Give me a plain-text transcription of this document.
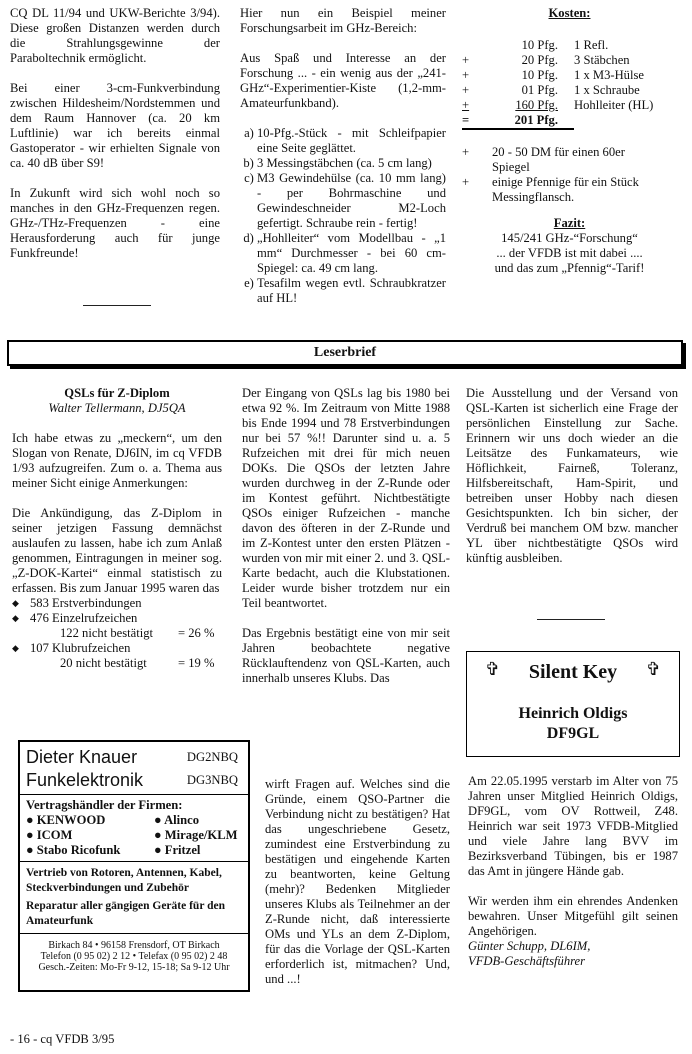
CQ DL 11/94 und UKW-Berichte 3/94). Diese großen Distanzen werden durch die Strahlungsgewinne der Paraboltechnik ermöglicht.

Bei einer 3-cm-Funkverbindung zwischen Hildesheim/Nordstemmen und dem Raum Hannover (ca. 20 km Luftlinie) war ich bereits einmal Gastoperator - wir erhielten Signale von ca. 40 dB über S9!

In Zukunft wird sich wohl noch so manches in den GHz-Frequenzen regen. GHz-/THz-Frequenzen - eine Herausforderung auch für junge Funkfreunde!

Hier nun ein Beispiel meiner Forschungsarbeit im GHz-Bereich:

Aus Spaß und Interesse an der Forschung ... - ein wenig aus der „241-GHz“-Experimentier-Kiste (1,2-mm-Amateurfunkband).

a. 10-Pfg.-Stück - mit Schleifpapier eine Seite geglättet.
b. 3 Messingstäbchen (ca. 5 cm lang)
c. M3 Gewindehülse (ca. 10 mm lang) - per Bohrmaschine und Gewindeschneider M2-Loch gefertigt. Schraube rein - fertig!
d. „Hohlleiter“ vom Modellbau - „1 mm“ Durchmesser - bei 60 cm-Spiegel: ca. 49 cm lang.
e. Tesafilm wegen evtl. Schraubkratzer auf HL!
Kosten:
	10 Pfg.	1 Refl.
+	20 Pfg.	3 Stäbchen
+	10 Pfg.	1 x M3-Hülse
+	01 Pfg.	1 x Schraube
+	160 Pfg.	Hohlleiter (HL)
=	201 Pfg.	
+	20 - 50 DM für einen 60er Spiegel
+	einige Pfennige für ein Stück Messingflansch.
Fazit:
145/241 GHz-“Forschung“
... der VFDB ist mit dabei ....
und das zum „Pfennig“-Tarif!
Leserbrief
QSLs für Z-Diplom
Walter Tellermann, DJ5QA

Ich habe etwas zu „meckern“, um den Slogan von Renate, DJ6IN, im cq VFDB 1/93 aufzugreifen. Zum o. a. Thema aus meiner Sicht einige Anmerkungen:

Die Ankündigung, das Z-Diplom in seiner jetzigen Fassung demnächst auslaufen zu lassen, habe ich zum Anlaß genommen, Eintragungen in meiner sog. „Z-DOK-Kartei“ einmal statistisch zu erfassen. Bis zum Januar 1995 waren das

◆ 583 Erstverbindungen
◆ 476 Einzelrufzeichen
122 nicht bestätigt = 26 %
◆ 107 Klubrufzeichen
20 nicht bestätigt = 19 %
Dieter Knauer	DG2NBQ
Funkelektronik	DG3NBQ
Vertragshändler der Firmen:
● KENWOOD	● Alinco
● ICOM	● Mirage/KLM
● Stabo Ricofunk	● Fritzel
Vertrieb von Rotoren, Antennen, Kabel, Steckverbindungen und Zubehör
Reparatur aller gängigen Geräte für den Amateurfunk
Birkach 84 • 96158 Frensdorf, OT Birkach
Telefon (0 95 02) 2 12 • Telefax (0 95 02) 2 48
Gesch.-Zeiten: Mo-Fr 9-12, 15-18; Sa 9-12 Uhr

Der Eingang von QSLs lag bis 1980 bei etwa 92 %. Im Zeitraum von Mitte 1988 bis Ende 1994 und 78 Erstverbindungen nur bei 57 %!! Darunter sind u. a. 5 Rufzeichen mit drei für mich neuen DOKs. Die QSOs der letzten Jahre wurden durchweg in der Z-Runde oder im Kontest geführt. Nichtbestätigte QSOs einiger Rufzeichen - manche davon des öfteren in der Z-Runde und im Z-Kontest unter den ersten Plätzen - wurden von mir mit einer 2. und 3. QSL-Karte bedacht, auch die Klubstationen. Leider wurde bisher trotzdem nur ein Teil beantwortet.

Das Ergebnis bestätigt eine von mir seit Jahren beobachtete negative Rücklauftendenz von QSL-Karten, auch innerhalb unseres Klubs. Das

wirft Fragen auf. Welches sind die Gründe, einem QSO-Partner die Verbindung nicht zu bestätigen? Hat das ungeschriebene Gesetz, zumindest eine Erstverbindung zu bestätigen und eingehende Karten zu beantworten, keine Geltung (mehr)? Bedenken Mitglieder unseres Klubs als Teilnehmer an der Z-Runde nicht, daß interessierte OMs und YLs an dem Z-Diplom, für das die Vorlage der QSL-Karten erforderlich ist, mitmachen? Und, und ...!

Die Ausstellung und der Versand von QSL-Karten ist sicherlich eine Frage der persönlichen Einstellung zur Sache. Erinnern wir uns doch wieder an die Leitsätze des Funkamateurs, wie Höflichkeit, Fairneß, Toleranz, Hilfsbereitschaft, Ham-Spirit, und betreiben unser Hobby nach diesen Gesichtspunkten. Ich bin sicher, der Verdruß bei manchem OM bzw. mancher YL über nichtbestätigte QSOs wird künftig ausbleiben.

✞	Silent Key	✞
Heinrich Oldigs
DF9GL

Am 22.05.1995 verstarb im Alter von 75 Jahren unser Mitglied Heinrich Oldigs, DF9GL, vom OV Rottweil, Z48. Heinrich war seit 1973 VFDB-Mitglied und viele Jahre lang BVV im Bezirksverband Tübingen, bis er 1987 das Amt in jüngere Hände gab.

Wir werden ihm ein ehrendes Andenken bewahren. Unser Mitgefühl gilt seinen Angehörigen.

Günter Schupp, DL6IM,
VFDB-Geschäftsführer
- 16 - cq VFDB 3/95
